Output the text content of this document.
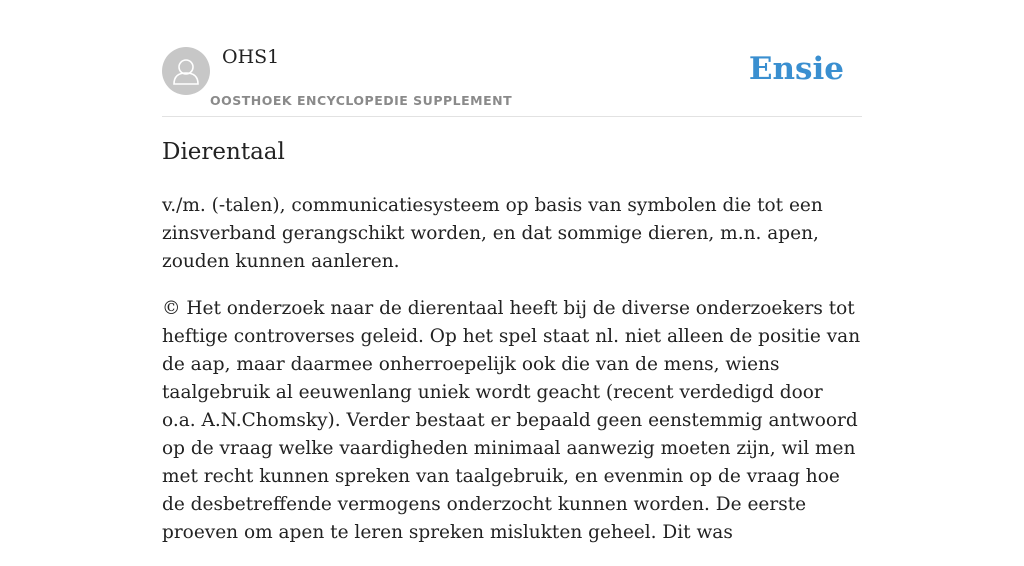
OHS1
OOSTHOEK ENCYCLOPEDIE SUPPLEMENT
Ensie
Dierentaal

v./m. (-talen), communicatiesysteem op basis van symbolen die tot een zinsverband gerangschikt worden, en dat sommige dieren, m.n. apen, zouden kunnen aanleren.

© Het onderzoek naar de dierentaal heeft bij de diverse onderzoekers tot heftige controverses geleid. Op het spel staat nl. niet alleen de positie van de aap, maar daarmee onherroepelijk ook die van de mens, wiens taalgebruik al eeuwenlang uniek wordt geacht (recent verdedigd door o.a. A.N.Chomsky). Verder bestaat er bepaald geen eenstemmig antwoord op de vraag welke vaardigheden minimaal aanwezig moeten zijn, wil men met recht kunnen spreken van taalgebruik, en evenmin op de vraag hoe de desbetreffende vermogens onderzocht kunnen worden. De eerste proeven om apen te leren spreken mislukten geheel. Dit was
